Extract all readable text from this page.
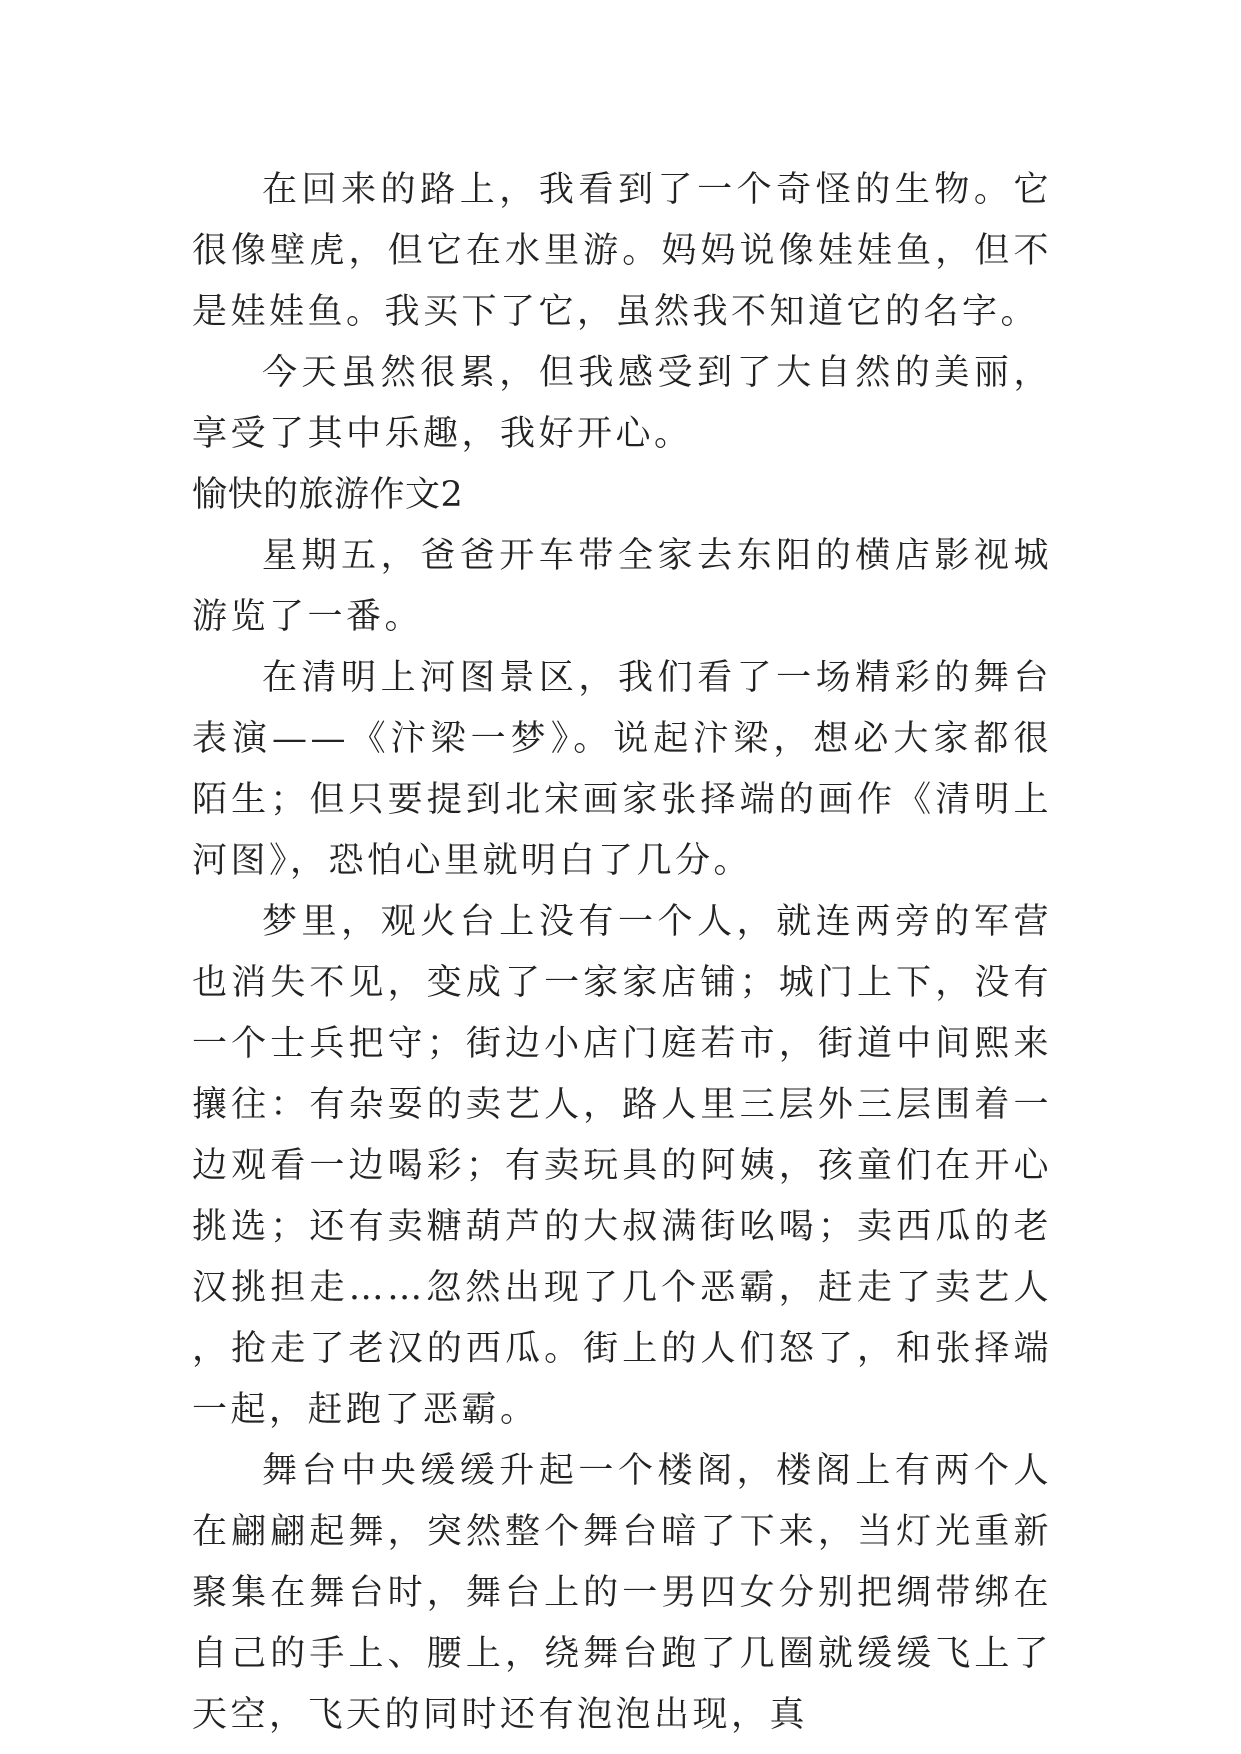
在回来的路上，我看到了一个奇怪的生物。它很像壁虎，但它在水里游。妈妈说像娃娃鱼，但不是娃娃鱼。我买下了它，虽然我不知道它的名字。

今天虽然很累，但我感受到了大自然的美丽，享受了其中乐趣，我好开心。

愉快的旅游作文2

星期五，爸爸开车带全家去东阳的横店影视城游览了一番。

在清明上河图景区，我们看了一场精彩的舞台表演——《汴梁一梦》。说起汴梁，想必大家都很陌生；但只要提到北宋画家张择端的画作《清明上河图》，恐怕心里就明白了几分。

梦里，观火台上没有一个人，就连两旁的军营也消失不见，变成了一家家店铺；城门上下，没有一个士兵把守；街边小店门庭若市，街道中间熙来攘往：有杂耍的卖艺人，路人里三层外三层围着一边观看一边喝彩；有卖玩具的阿姨，孩童们在开心挑选；还有卖糖葫芦的大叔满街吆喝；卖西瓜的老汉挑担走……忽然出现了几个恶霸，赶走了卖艺人，抢走了老汉的西瓜。街上的人们怒了，和张择端一起，赶跑了恶霸。

舞台中央缓缓升起一个楼阁，楼阁上有两个人在翩翩起舞，突然整个舞台暗了下来，当灯光重新聚集在舞台时，舞台上的一男四女分别把绸带绑在自己的手上、腰上，绕舞台跑了几圈就缓缓飞上了天空，飞天的同时还有泡泡出现，真
